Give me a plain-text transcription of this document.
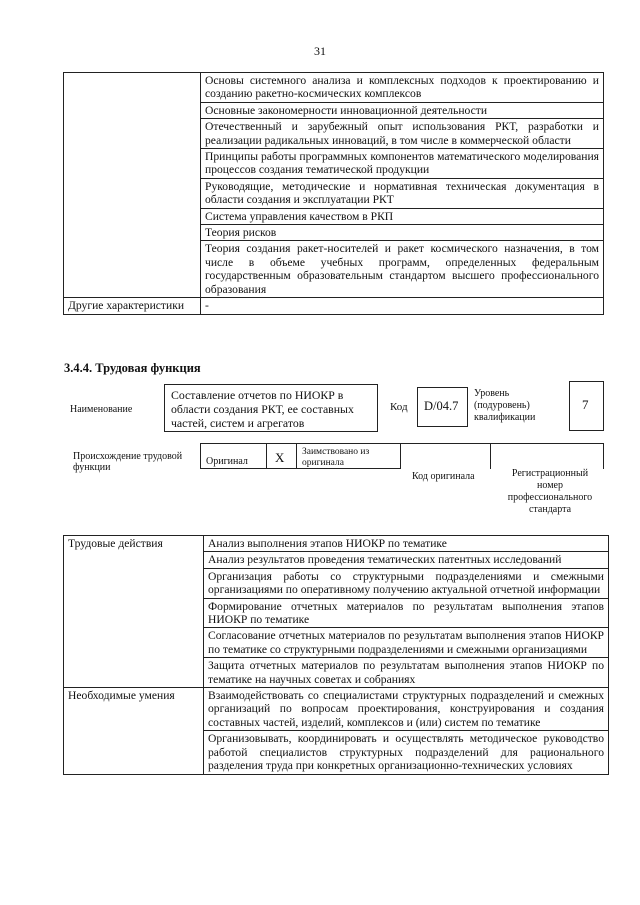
31
	Основы системного анализа и комплексных подходов к проектированию и созданию ракетно-космических комплексов
	Основные закономерности инновационной деятельности
	Отечественный и зарубежный опыт использования РКТ, разработки и реализации радикальных инноваций, в том числе в коммерческой области
	Принципы работы программных компонентов математического моделирования процессов создания тематической продукции
	Руководящие, методические и нормативная техническая документация в области создания и эксплуатации РКТ
	Система управления качеством в РКП
	Теория рисков
	Теория создания ракет-носителей и ракет космического назначения, в том числе в объеме учебных программ, определенных федеральным государственным образовательным стандартом высшего профессионального образования
Другие характеристики	-
3.4.4. Трудовая функция
Наименование
Составление отчетов по НИОКР в области создания РКТ, ее составных частей, систем и агрегатов
Код D/04.7
Уровень (подуровень) квалификации
7
Происхождение трудовой функции
Оригинал X Заимствовано из оригинала
Код оригинала	Регистрационный номер профессионального стандарта
Трудовые действия	Анализ выполнения этапов НИОКР по тематике
	Анализ результатов проведения тематических патентных исследований
	Организация работы со структурными подразделениями и смежными организациями по оперативному получению актуальной отчетной информации
	Формирование отчетных материалов по результатам выполнения этапов НИОКР по тематике
	Согласование отчетных материалов по результатам выполнения этапов НИОКР по тематике со структурными подразделениями и смежными организациями
	Защита отчетных материалов по результатам выполнения этапов НИОКР по тематике на научных советах и собраниях
Необходимые умения	Взаимодействовать со специалистами структурных подразделений и смежных организаций по вопросам проектирования, конструирования и создания составных частей, изделий, комплексов и (или) систем по тематике
	Организовывать, координировать и осуществлять методическое руководство работой специалистов структурных подразделений для рационального разделения труда при конкретных организационно-технических условиях
